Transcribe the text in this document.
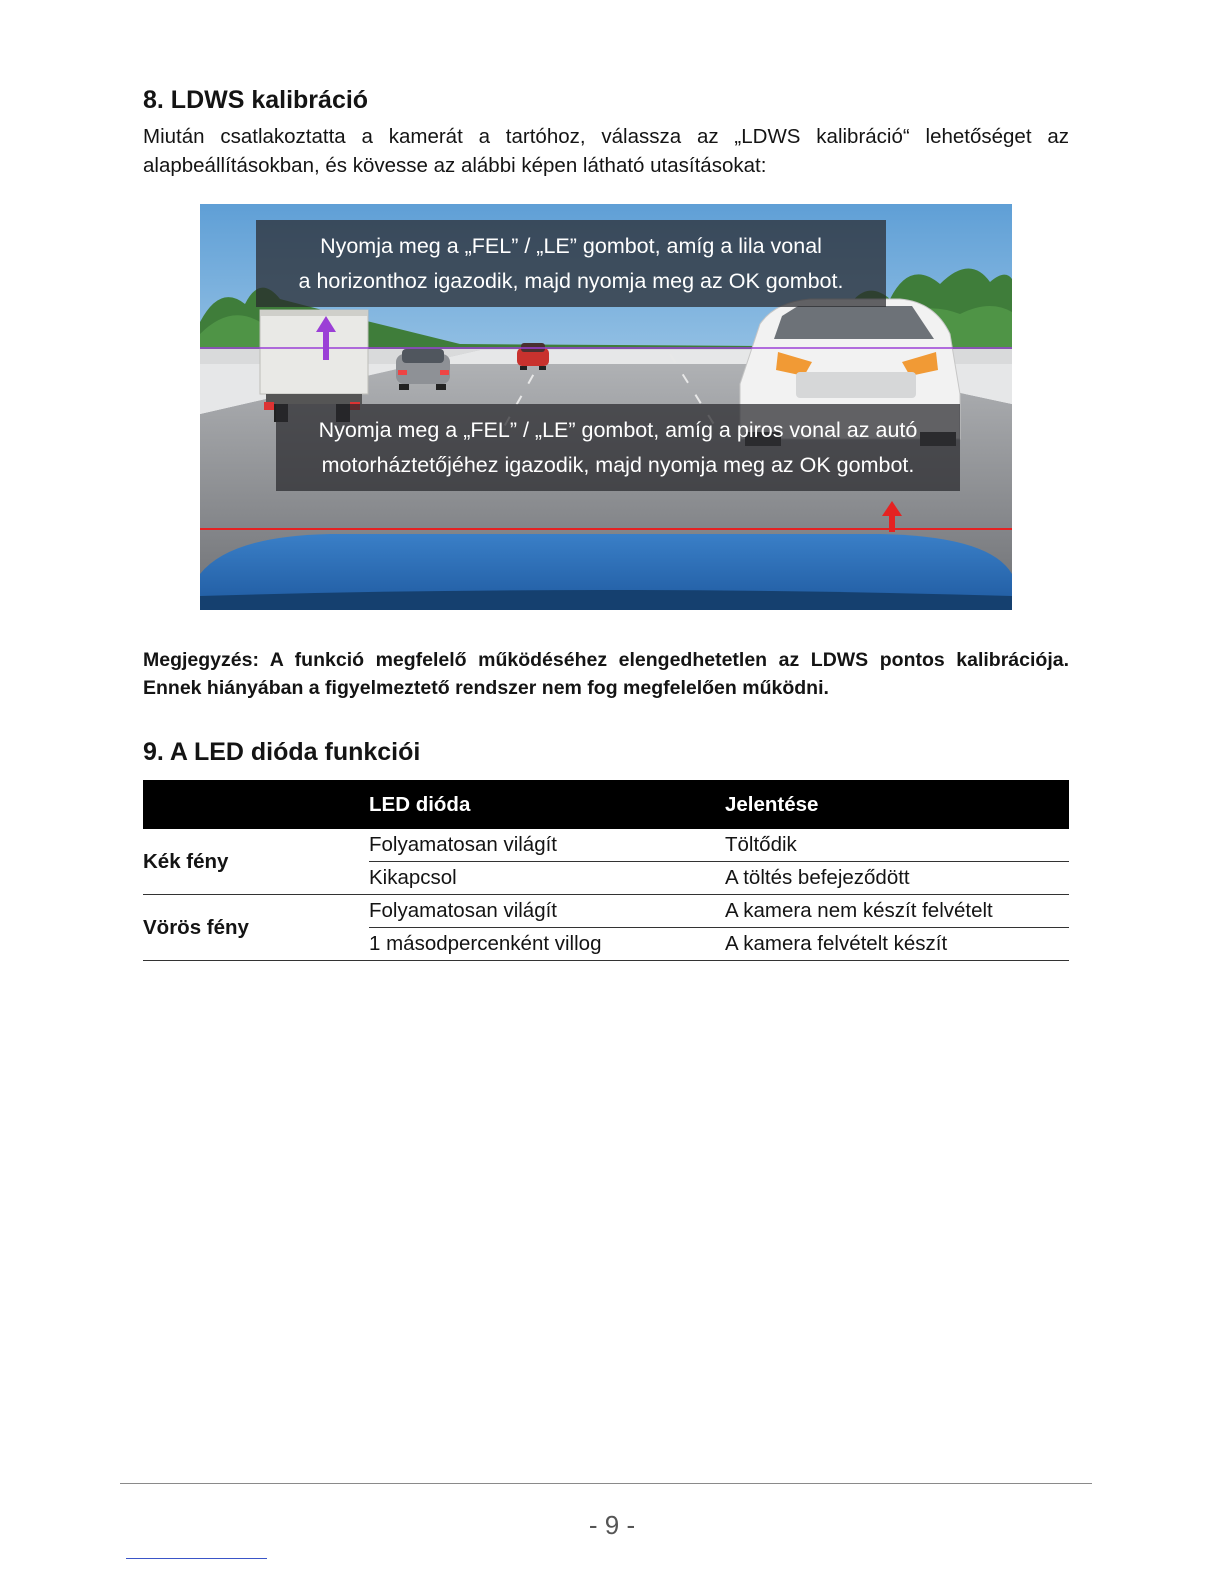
8. LDWS kalibráció

Miután csatlakoztatta a kamerát a tartóhoz, válassza az „LDWS kalibráció“ lehetőséget az alapbeállításokban, és kövesse az alábbi képen látható utasításokat:

Nyomja meg a „FEL” / „LE” gombot, amíg a lila vonal
a horizonthoz igazodik, majd nyomja meg az OK gombot.
Nyomja meg a „FEL” / „LE” gombot, amíg a piros vonal az autó
motorháztetőjéhez igazodik, majd nyomja meg az OK gombot.

Megjegyzés: A funkció megfelelő működéséhez elengedhetetlen az LDWS pontos kalibrációja. Ennek hiányában a figyelmeztető rendszer nem fog megfelelően működni.

9. A LED dióda funkciói
	LED dióda	Jelentése
Kék fény	Folyamatosan világít	Töltődik
	Kikapcsol	A töltés befejeződött
Vörös fény	Folyamatosan világít	A kamera nem készít felvételt
	1 másodpercenként villog	A kamera felvételt készít

- 9 -
